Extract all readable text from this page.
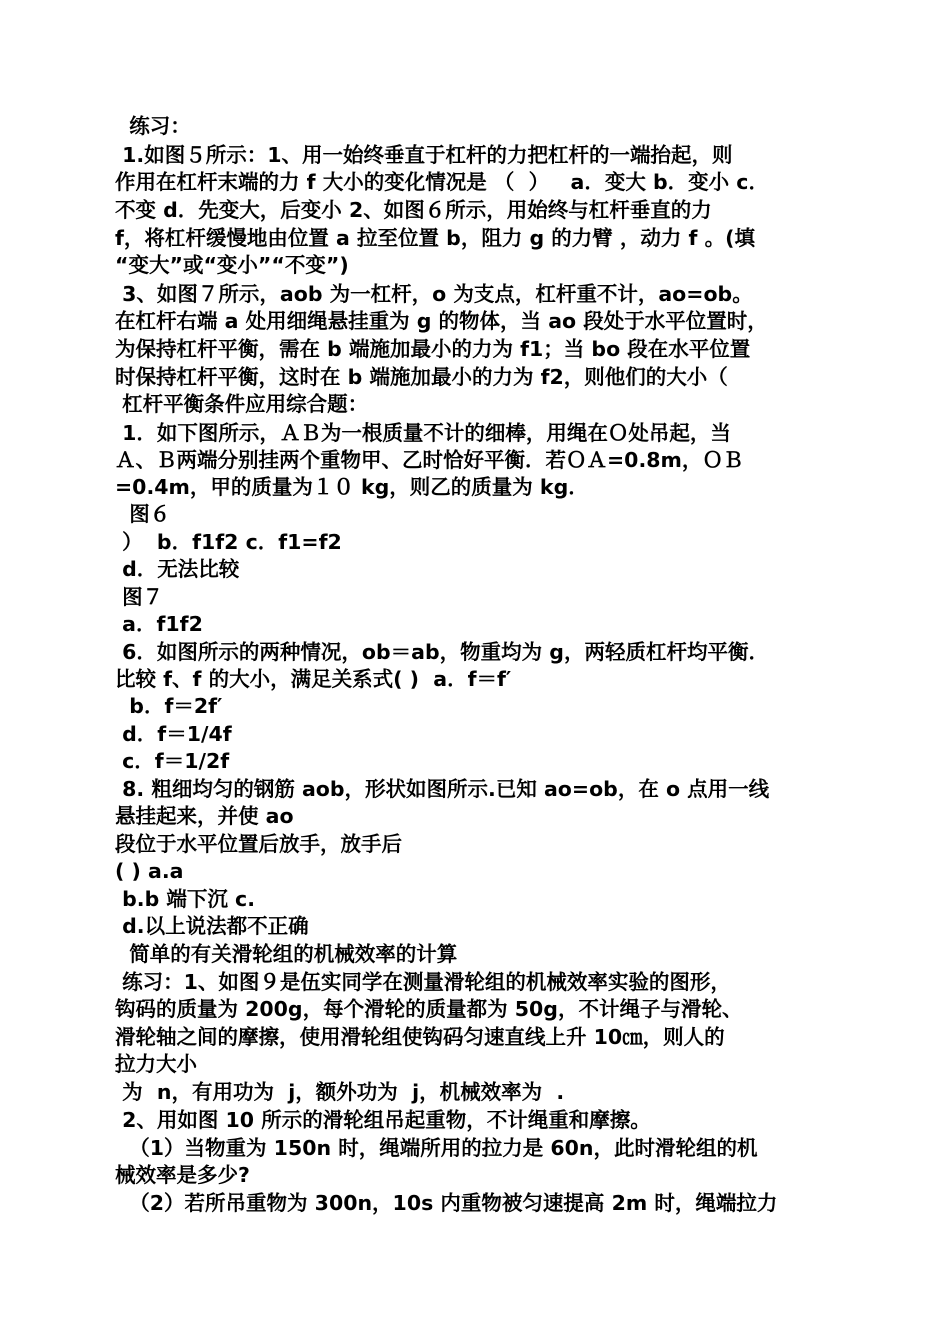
练习：
1.如图５所示：1、用一始终垂直于杠杆的力把杠杆的一端抬起，则
作用在杠杆末端的力 f 大小的变化情况是 （  ）   a．变大 b．变小 c．
不变 d．先变大，后变小 2、如图６所示，用始终与杠杆垂直的力
f，将杠杆缓慢地由位置 a 拉至位置 b，阻力 g 的力臂 ，动力 f 。(填
“变大”或“变小”“不变”)
3、如图７所示，aob 为一杠杆，o 为支点，杠杆重不计，ao=ob。
在杠杆右端 a 处用细绳悬挂重为 g 的物体，当 ao 段处于水平位置时，
为保持杠杆平衡，需在 b 端施加最小的力为 f1；当 bo 段在水平位置
时保持杠杆平衡，这时在 b 端施加最小的力为 f2，则他们的大小（
杠杆平衡条件应用综合题：
1．如下图所示，ＡＢ为一根质量不计的细棒，用绳在Ｏ处吊起，当
Ａ、Ｂ两端分别挂两个重物甲、乙时恰好平衡．若ＯＡ=0.8m，ＯＢ
=0.4m，甲的质量为１０ kg，则乙的质量为 kg．
图６
）  b．f1f2 c．f1=f2
d．无法比较
图７
a．f1f2
6．如图所示的两种情况，ob＝ab，物重均为 g，两轻质杠杆均平衡．
比较 f、f 的大小，满足关系式( )  a．f＝f′
b．f＝2f′
d．f＝1/4f
c．f＝1/2f
8. 粗细均匀的钢筋 aob，形状如图所示.已知 ao=ob，在 o 点用一线
悬挂起来，并使 ao
段位于水平位置后放手，放手后
( ) a.a
b.b 端下沉 c.
d.以上说法都不正确
简单的有关滑轮组的机械效率的计算
练习：1、如图９是伍实同学在测量滑轮组的机械效率实验的图形，
钩码的质量为 200g，每个滑轮的质量都为 50g，不计绳子与滑轮、
滑轮轴之间的摩擦，使用滑轮组使钩码匀速直线上升 10㎝，则人的
拉力大小
为  n，有用功为  j，额外功为  j，机械效率为  .
2、用如图 10 所示的滑轮组吊起重物，不计绳重和摩擦。
（1）当物重为 150n 时，绳端所用的拉力是 60n，此时滑轮组的机
械效率是多少?
（2）若所吊重物为 300n，10s 内重物被匀速提高 2m 时，绳端拉力
